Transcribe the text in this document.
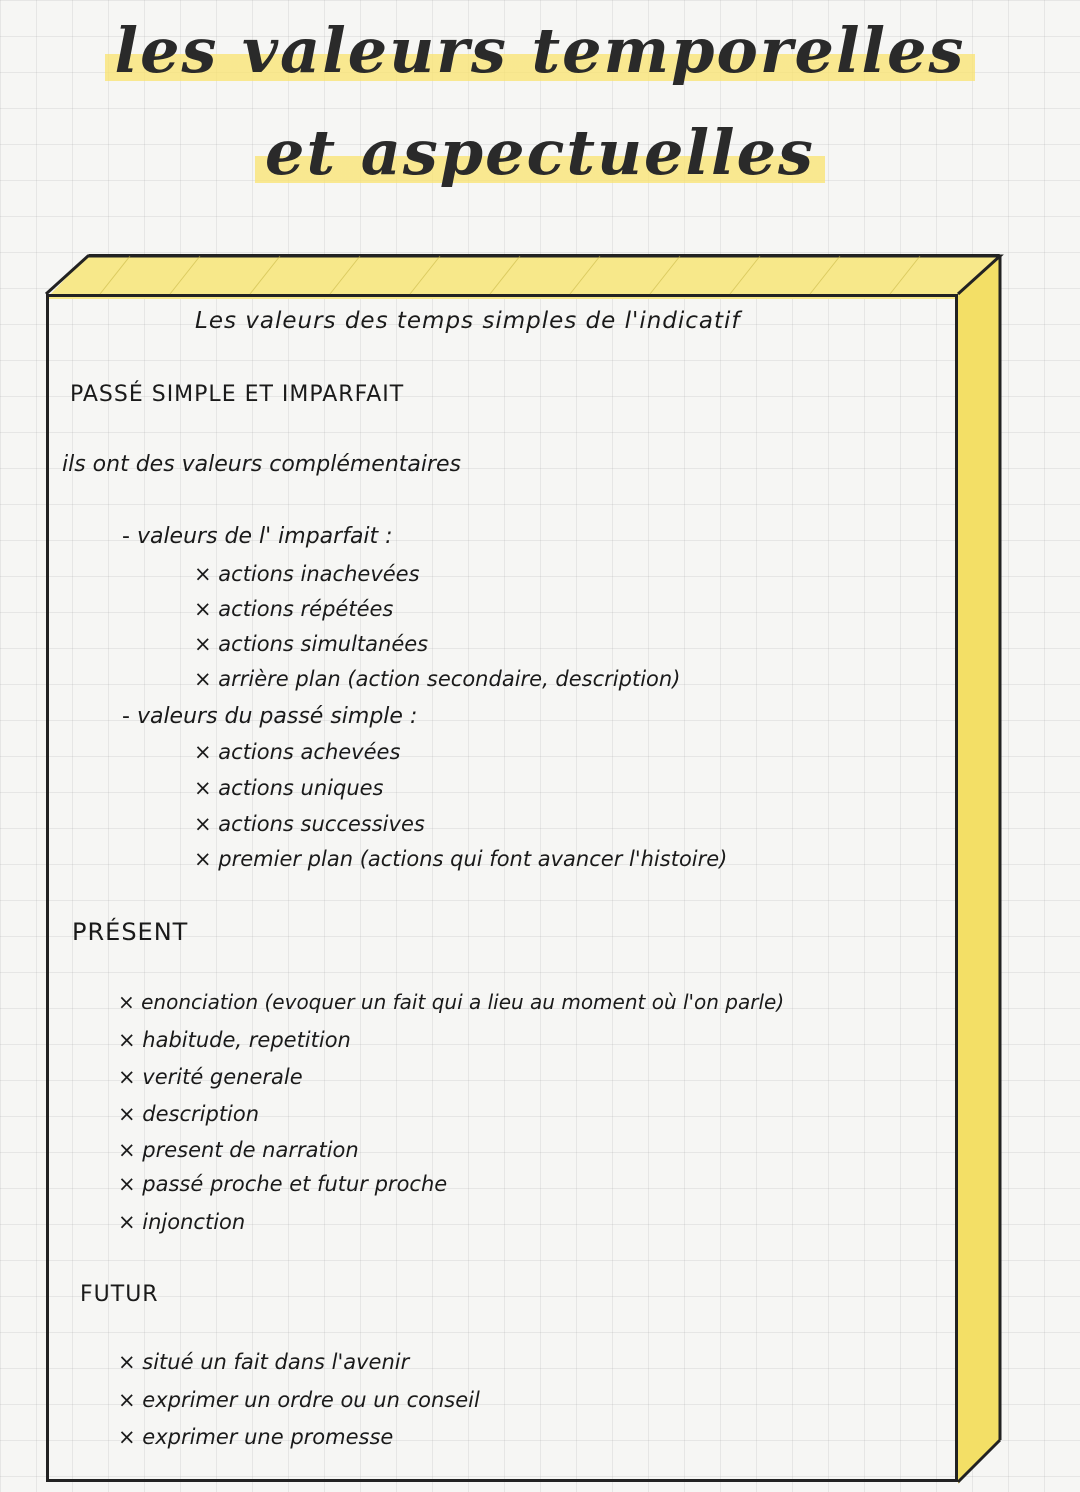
les valeurs temporelles
et aspectuelles
Les valeurs des temps simples de l'indicatif
PASSÉ SIMPLE ET IMPARFAIT
ils ont des valeurs complémentaires
- valeurs de l' imparfait :
× actions inachevées
× actions répétées
× actions simultanées
× arrière plan (action secondaire, description)
- valeurs du passé simple :
× actions achevées
× actions uniques
× actions successives
× premier plan (actions qui font avancer l'histoire)
PRÉSENT
× enonciation (evoquer un fait qui a lieu au moment où l'on parle)
× habitude, repetition
× verité generale
× description
× present de narration
× passé proche et futur proche
× injonction
FUTUR
× situé un fait dans l'avenir
× exprimer un ordre ou un conseil
× exprimer une promesse
